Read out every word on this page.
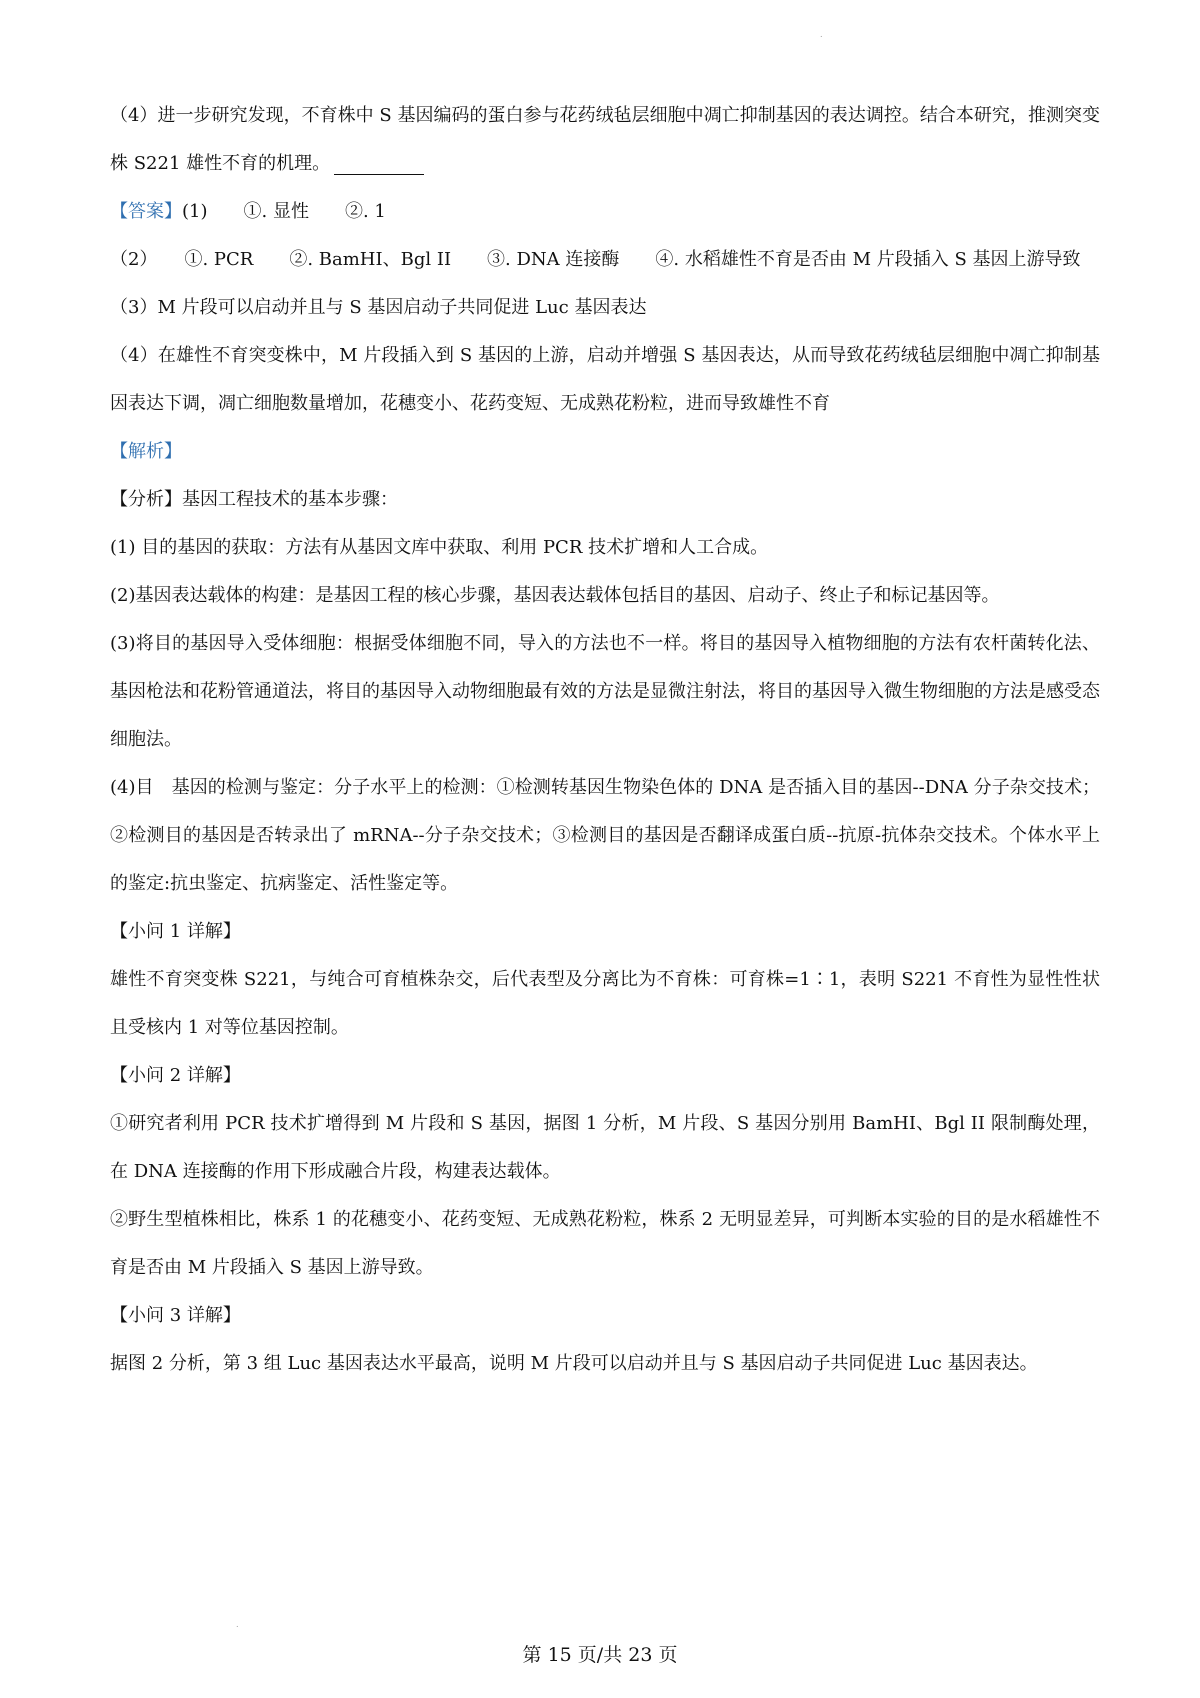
.
.

（4）进一步研究发现，不育株中 S 基因编码的蛋白参与花药绒毡层细胞中凋亡抑制基因的表达调控。结合本研究，推测突变株 S221 雄性不育的机理。

【答案】(1)　　①. 显性　　②. 1

（2）　　①. PCR　　②. BamHI、Bgl II　　③. DNA 连接酶　　④. 水稻雄性不育是否由 M 片段插入 S 基因上游导致

（3）M 片段可以启动并且与 S 基因启动子共同促进 Luc 基因表达

（4）在雄性不育突变株中，M 片段插入到 S 基因的上游，启动并增强 S 基因表达，从而导致花药绒毡层细胞中凋亡抑制基因表达下调，凋亡细胞数量增加，花穗变小、花药变短、无成熟花粉粒，进而导致雄性不育

【解析】

【分析】基因工程技术的基本步骤：

(1) 目的基因的获取：方法有从基因文库中获取、利用 PCR 技术扩增和人工合成。

(2)基因表达载体的构建：是基因工程的核心步骤，基因表达载体包括目的基因、启动子、终止子和标记基因等。

(3)将目的基因导入受体细胞：根据受体细胞不同，导入的方法也不一样。将目的基因导入植物细胞的方法有农杆菌转化法、基因枪法和花粉管通道法，将目的基因导入动物细胞最有效的方法是显微注射法，将目的基因导入微生物细胞的方法是感受态细胞法。

(4)目　基因的检测与鉴定：分子水平上的检测：①检测转基因生物染色体的 DNA 是否插入目的基因--DNA 分子杂交技术；②检测目的基因是否转录出了 mRNA--分子杂交技术；③检测目的基因是否翻译成蛋白质--抗原-抗体杂交技术。个体水平上的鉴定:抗虫鉴定、抗病鉴定、活性鉴定等。

【小问 1 详解】

雄性不育突变株 S221，与纯合可育植株杂交，后代表型及分离比为不育株：可育株=1∶1，表明 S221 不育性为显性性状且受核内 1 对等位基因控制。

【小问 2 详解】

①研究者利用 PCR 技术扩增得到 M 片段和 S 基因，据图 1 分析，M 片段、S 基因分别用 BamHI、Bgl II 限制酶处理，在 DNA 连接酶的作用下形成融合片段，构建表达载体。

②野生型植株相比，株系 1 的花穗变小、花药变短、无成熟花粉粒，株系 2 无明显差异，可判断本实验的目的是水稻雄性不育是否由 M 片段插入 S 基因上游导致。

【小问 3 详解】

据图 2 分析，第 3 组 Luc 基因表达水平最高，说明 M 片段可以启动并且与 S 基因启动子共同促进 Luc 基因表达。

第 15 页/共 23 页
